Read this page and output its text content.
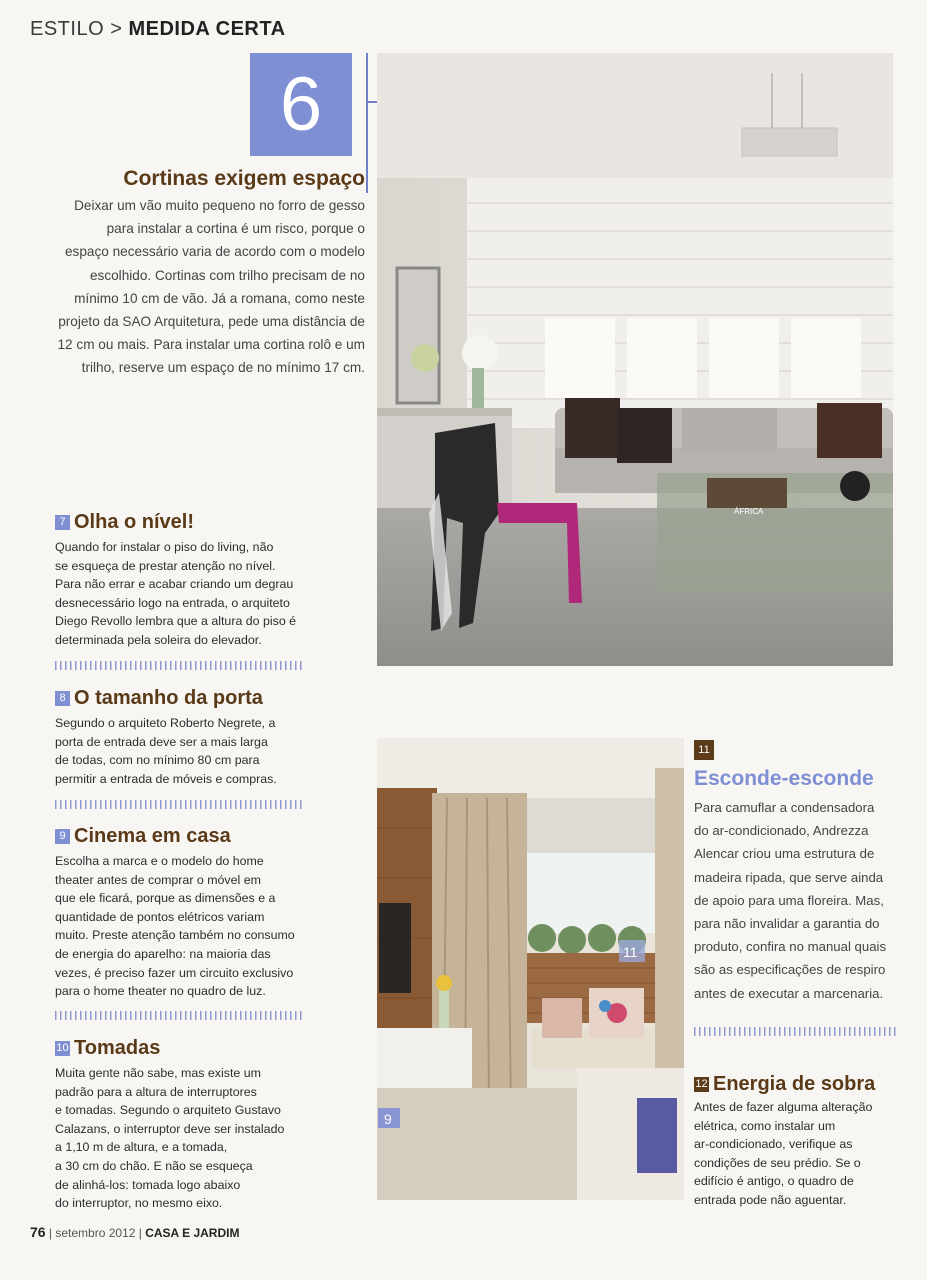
ESTILO > MEDIDA CERTA
6
ÁFRICA
Cortinas exigem espaço
Deixar um vão muito pequeno no forro de gesso
para instalar a cortina é um risco, porque o
espaço necessário varia de acordo com o modelo
escolhido. Cortinas com trilho precisam de no
mínimo 10 cm de vão. Já a romana, como neste
projeto da SAO Arquitetura, pede uma distância de
12 cm ou mais. Para instalar uma cortina rolô e um
trilho, reserve um espaço de no mínimo 17 cm.
7 Olha o nível!
Quando for instalar o piso do living, não
se esqueça de prestar atenção no nível.
Para não errar e acabar criando um degrau
desnecessário logo na entrada, o arquiteto
Diego Revollo lembra que a altura do piso é
determinada pela soleira do elevador.
8 O tamanho da porta
Segundo o arquiteto Roberto Negrete, a
porta de entrada deve ser a mais larga
de todas, com no mínimo 80 cm para
permitir a entrada de móveis e compras.
9 Cinema em casa
Escolha a marca e o modelo do home
theater antes de comprar o móvel em
que ele ficará, porque as dimensões e a
quantidade de pontos elétricos variam
muito. Preste atenção também no consumo
de energia do aparelho: na maioria das
vezes, é preciso fazer um circuito exclusivo
para o home theater no quadro de luz.
10 Tomadas
Muita gente não sabe, mas existe um
padrão para a altura de interruptores
e tomadas. Segundo o arquiteto Gustavo
Calazans, o interruptor deve ser instalado
a 1,10 m de altura, e a tomada,
a 30 cm do chão. E não se esqueça
de alinhá-los: tomada logo abaixo
do interruptor, no mesmo eixo.
9
11
11
Esconde-esconde
Para camuflar a condensadora
do ar-condicionado, Andrezza
Alencar criou uma estrutura de
madeira ripada, que serve ainda
de apoio para uma floreira. Mas,
para não invalidar a garantia do
produto, confira no manual quais
são as especificações de respiro
antes de executar a marcenaria.
12 Energia de sobra
Antes de fazer alguma alteração
elétrica, como instalar um
ar-condicionado, verifique as
condições de seu prédio. Se o
edifício é antigo, o quadro de
entrada pode não aguentar.
76 | setembro 2012 | CASA E JARDIM
